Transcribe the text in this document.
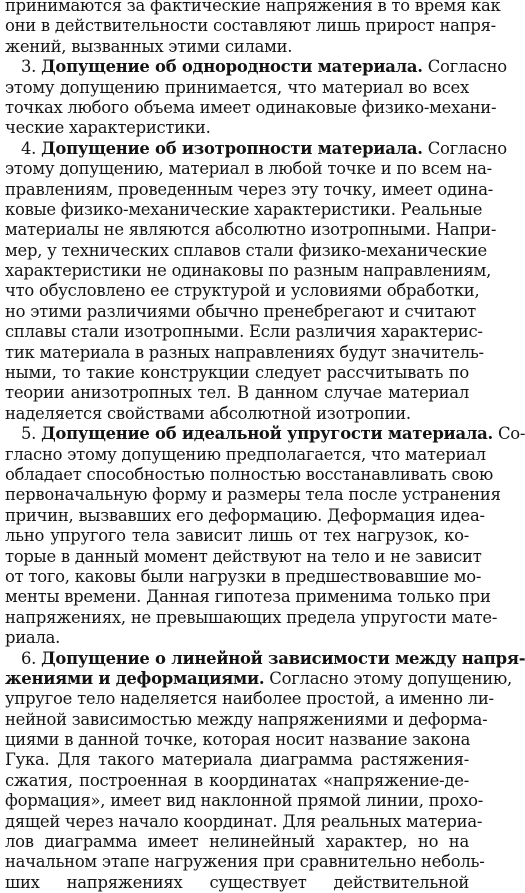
принимаются за фактические напряжения в то время как
они в действительности составляют лишь прирост напря-
жений, вызванных этими силами.
3. Допущение об однородности материала. Согласно
этому допущению принимается, что материал во всех
точках любого объема имеет одинаковые физико-механи-
ческие характеристики.
4. Допущение об изотропности материала. Согласно
этому допущению, материал в любой точке и по всем на-
правлениям, проведенным через эту точку, имеет одина-
ковые физико-механические характеристики. Реальные
материалы не являются абсолютно изотропными. Напри-
мер, у технических сплавов стали физико-механические
характеристики не одинаковы по разным направлениям,
что обусловлено ее структурой и условиями обработки,
но этими различиями обычно пренебрегают и считают
сплавы стали изотропными. Если различия характерис-
тик материала в разных направлениях будут значитель-
ными, то такие конструкции следует рассчитывать по
теории анизотропных тел. В данном случае материал
наделяется свойствами абсолютной изотропии.
5. Допущение об идеальной упругости материала. Со-
гласно этому допущению предполагается, что материал
обладает способностью полностью восстанавливать свою
первоначальную форму и размеры тела после устранения
причин, вызвавших его деформацию. Деформация идеа-
льно упругого тела зависит лишь от тех нагрузок, ко-
торые в данный момент действуют на тело и не зависит
от того, каковы были нагрузки в предшествовавшие мо-
менты времени. Данная гипотеза применима только при
напряжениях, не превышающих предела упругости мате-
риала.
6. Допущение о линейной зависимости между напря-
жениями и деформациями. Согласно этому допущению,
упругое тело наделяется наиболее простой, а именно ли-
нейной зависимостью между напряжениями и деформа-
циями в данной точке, которая носит название закона
Гука. Для такого материала диаграмма растяжения-
сжатия, построенная в координатах «напряжение-де-
формация», имеет вид наклонной прямой линии, прохо-
дящей через начало координат. Для реальных материа-
лов диаграмма имеет нелинейный характер, но на
начальном этапе нагружения при сравнительно неболь-
ших напряжениях существует действительной
